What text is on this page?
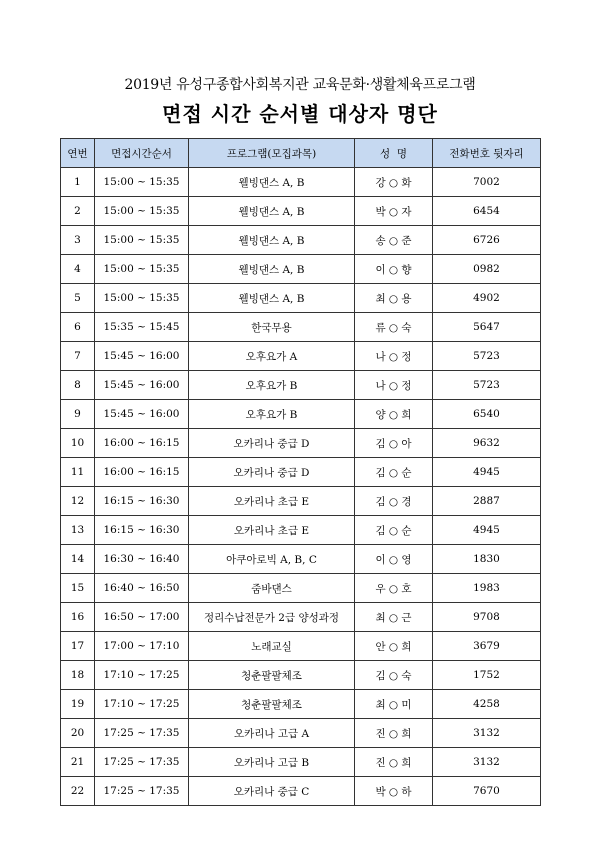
2019년 유성구종합사회복지관 교육문화·생활체육프로그램
면접 시간 순서별 대상자 명단
연번	면접시간순서	프로그램(모집과목)	성  명	전화번호 뒷자리
1	15:00 ~ 15:35	웰빙댄스 A, B	강 ○ 화	7002
2	15:00 ~ 15:35	웰빙댄스 A, B	박 ○ 자	6454
3	15:00 ~ 15:35	웰빙댄스 A, B	송 ○ 준	6726
4	15:00 ~ 15:35	웰빙댄스 A, B	이 ○ 향	0982
5	15:00 ~ 15:35	웰빙댄스 A, B	최 ○ 용	4902
6	15:35 ~ 15:45	한국무용	류 ○ 숙	5647
7	15:45 ~ 16:00	오후요가 A	나 ○ 정	5723
8	15:45 ~ 16:00	오후요가 B	나 ○ 정	5723
9	15:45 ~ 16:00	오후요가 B	양 ○ 희	6540
10	16:00 ~ 16:15	오카리나 중급 D	김 ○ 아	9632
11	16:00 ~ 16:15	오카리나 중급 D	김 ○ 순	4945
12	16:15 ~ 16:30	오카리나 초급 E	김 ○ 경	2887
13	16:15 ~ 16:30	오카리나 초급 E	김 ○ 순	4945
14	16:30 ~ 16:40	아쿠아로빅 A, B, C	이 ○ 영	1830
15	16:40 ~ 16:50	줌바댄스	우 ○ 호	1983
16	16:50 ~ 17:00	정리수납전문가 2급 양성과정	최 ○ 근	9708
17	17:00 ~ 17:10	노래교실	안 ○ 희	3679
18	17:10 ~ 17:25	청춘팔팔체조	김 ○ 숙	1752
19	17:10 ~ 17:25	청춘팔팔체조	최 ○ 미	4258
20	17:25 ~ 17:35	오카리나 고급 A	진 ○ 희	3132
21	17:25 ~ 17:35	오카리나 고급 B	진 ○ 희	3132
22	17:25 ~ 17:35	오카리나 중급 C	박 ○ 하	7670
